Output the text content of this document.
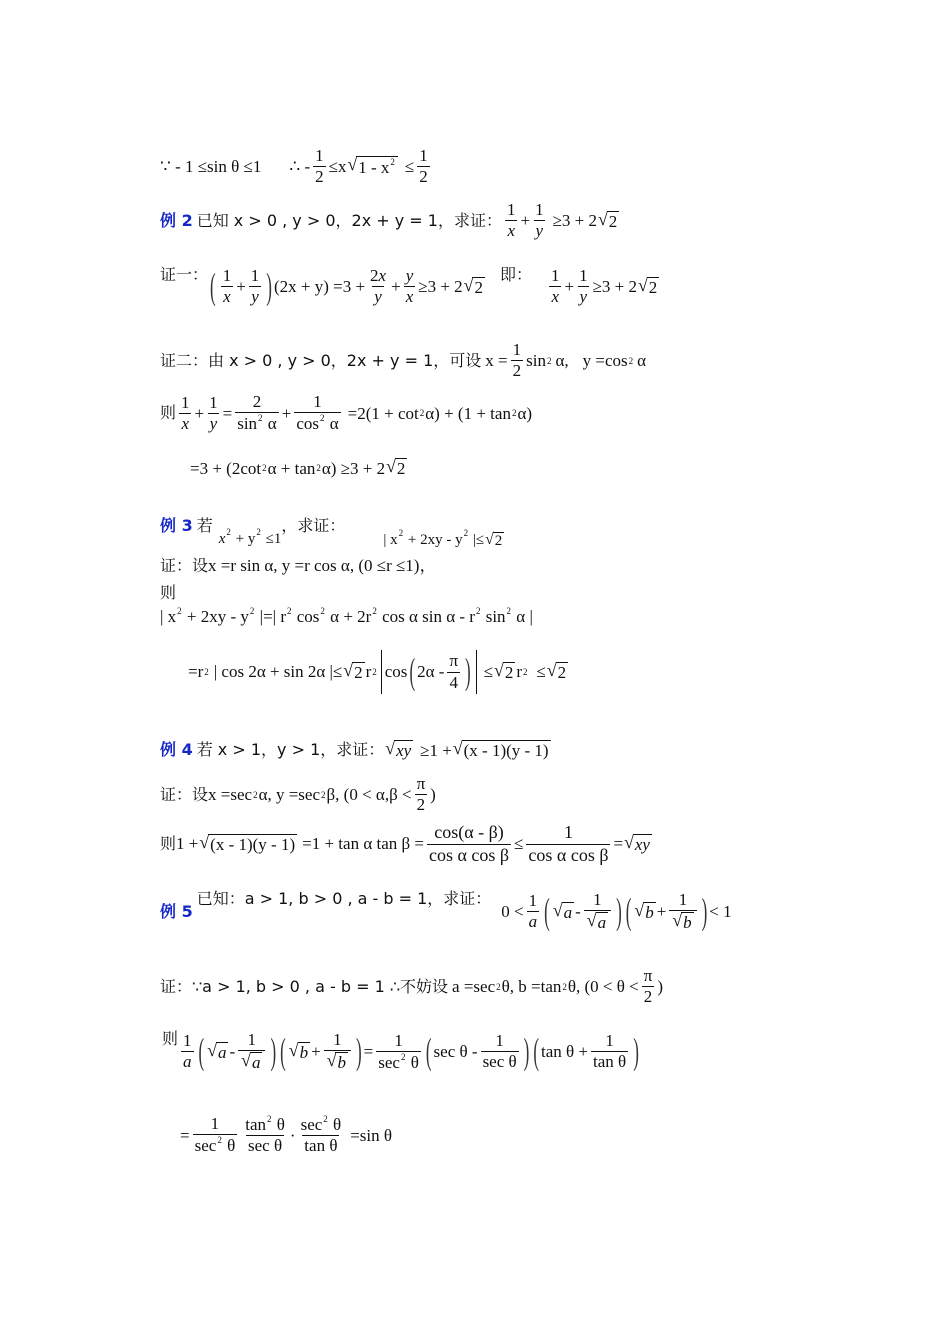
∵ - 1 ≤sin θ ≤1 ∴ - $\frac{1}{2} \le x$ √ $1 - x^2 \le \frac{1}{2}$
例 2 已知 x > 0 , y > 0，2x + y = 1，求证： $\frac{1}{x} + \frac{1}{y} \ge 3 + 2$ √ 2
证一： ( $\frac{1}{x} + \frac{1}{y}$ ) $(2x + y) =3 + \frac{2x}{y} + \frac{y}{x} \ge 3 + 2$ √ 2
即： $\frac{1}{x} + \frac{1}{y} \ge 3 + 2$ √ 2
证二：由 x > 0 , y > 0，2x + y = 1，可设 $x = \frac{1}{2}$ sin 2 α, y =cos 2 α
则 $\frac{1}{x} + \frac{1}{y} = \frac{2}{\sin^2 \alpha} + \frac{1}{\cos^2 \alpha} =2(1 + \cot 2$ α) + (1 + tan 2 α)
=3 + (2cot 2 α + tan 2 α) ≥3 + 2 √ 2
例 3 若
$x^2 + y^2 \le 1$
，求证：
| $x^2 + 2xy - y^2$ |≤ √ 2
证：设 x =r sin α, y =r cos α, (0 ≤r ≤1)，
则
| $x^2 + 2xy - y^2$ |=| $r^2$ $\cos^2 \alpha + 2r^2$ cos α sin α - $r^2$ $\sin^2 \alpha$ |
=r 2 | cos 2α + sin 2α |≤ √ 2 r 2 cos ( $2\alpha - \frac{\pi}{4}$ ) ≤ √ 2 r 2 ≤ √ 2
例 4 若 x > 1，y > 1，求证： √ xy ≥1 + √ (x - 1)(y - 1)
证：设 x =sec 2 α, y =sec 2 β, ($0 < \alpha,\beta < \frac{\pi}{2}$ )
则 1 + √ (x - 1)(y - 1) =1 + tan α $\tan \beta = \frac{\cos(\alpha - \beta)}{\text{cos α cos β}} \le \frac{1}{\text{cos α cos β}}$ = √ xy
例 5
已知：a > 1, b > 0 , a - b = 1，求证：
$0 < \frac{1}{a}$ ( √ a - $\frac{1}{√ a}$ ) ( √ $b + \frac{1}{√ b}$ ) < 1
证：∵a > 1, b > 0 , a - b = 1 ∴不妨设 a =sec 2 θ, b =tan 2 θ, ($0 < \theta < \frac{\pi}{2}$ )
则 $\frac{1}{a}$ ( √ a - $\frac{1}{√ a}$ ) ( √ $b + \frac{1}{√ b}$ ) = $\frac{1}{\sec^2 \theta}$ ( sec θ - $\frac{1}{\text{sec θ}}$ ) ( $\tan \theta + \frac{1}{\text{tan θ}}$ )
= $\frac{1}{\sec^2 \theta} \frac{\tan^2 \theta}{\text{sec θ}} \cdot \frac{\sec^2 \theta}{\text{tan θ}} =\sin$ θ
